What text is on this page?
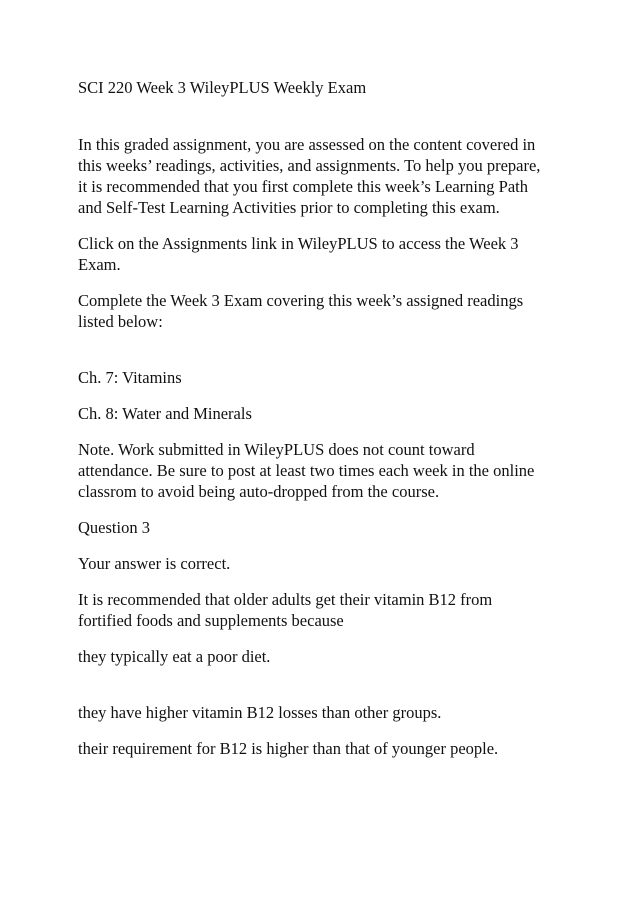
SCI 220 Week 3 WileyPLUS Weekly Exam

In this graded assignment, you are assessed on the content covered in
this weeks’ readings, activities, and assignments. To help you prepare,
it is recommended that you first complete this week’s Learning Path
and Self-Test Learning Activities prior to completing this exam.

Click on the Assignments link in WileyPLUS to access the Week 3
Exam.

Complete the Week 3 Exam covering this week’s assigned readings
listed below:

Ch. 7: Vitamins

Ch. 8: Water and Minerals

Note. Work submitted in WileyPLUS does not count toward
attendance. Be sure to post at least two times each week in the online
classrom to avoid being auto-dropped from the course.

Question 3

Your answer is correct.

It is recommended that older adults get their vitamin B12 from
fortified foods and supplements because

they typically eat a poor diet.

they have higher vitamin B12 losses than other groups.

their requirement for B12 is higher than that of younger people.
